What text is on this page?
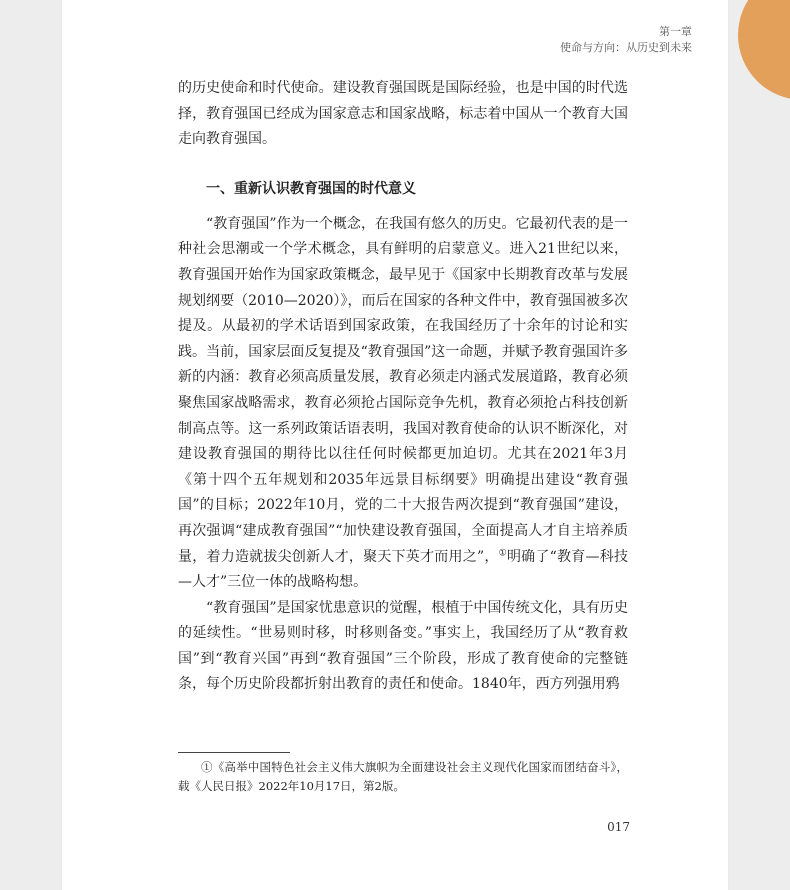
第一章
使命与方向：从历史到未来

的历史使命和时代使命。建设教育强国既是国际经验，也是中国的时代选择，教育强国已经成为国家意志和国家战略，标志着中国从一个教育大国走向教育强国。

一、重新认识教育强国的时代意义

“教育强国”作为一个概念，在我国有悠久的历史。它最初代表的是一种社会思潮或一个学术概念，具有鲜明的启蒙意义。进入21世纪以来，教育强国开始作为国家政策概念，最早见于《国家中长期教育改革与发展规划纲要（2010—2020）》，而后在国家的各种文件中，教育强国被多次提及。从最初的学术话语到国家政策，在我国经历了十余年的讨论和实践。当前，国家层面反复提及“教育强国”这一命题，并赋予教育强国许多新的内涵：教育必须高质量发展，教育必须走内涵式发展道路，教育必须聚焦国家战略需求，教育必须抢占国际竞争先机，教育必须抢占科技创新制高点等。这一系列政策话语表明，我国对教育使命的认识不断深化，对建设教育强国的期待比以往任何时候都更加迫切。尤其在2021年3月《第十四个五年规划和2035年远景目标纲要》明确提出建设“教育强国”的目标；2022年10月，党的二十大报告两次提到“教育强国”建设，再次强调“建成教育强国”“加快建设教育强国，全面提高人才自主培养质量，着力造就拔尖创新人才，聚天下英才而用之”，①明确了“教育—科技—人才”三位一体的战略构想。

“教育强国”是国家忧患意识的觉醒，根植于中国传统文化，具有历史的延续性。“世易则时移，时移则备变。”事实上，我国经历了从“教育救国”到“教育兴国”再到“教育强国”三个阶段，形成了教育使命的完整链条，每个历史阶段都折射出教育的责任和使命。1840年，西方列强用鸦

①《高举中国特色社会主义伟大旗帜为全面建设社会主义现代化国家而团结奋斗》，载《人民日报》2022年10月17日，第2版。

017
